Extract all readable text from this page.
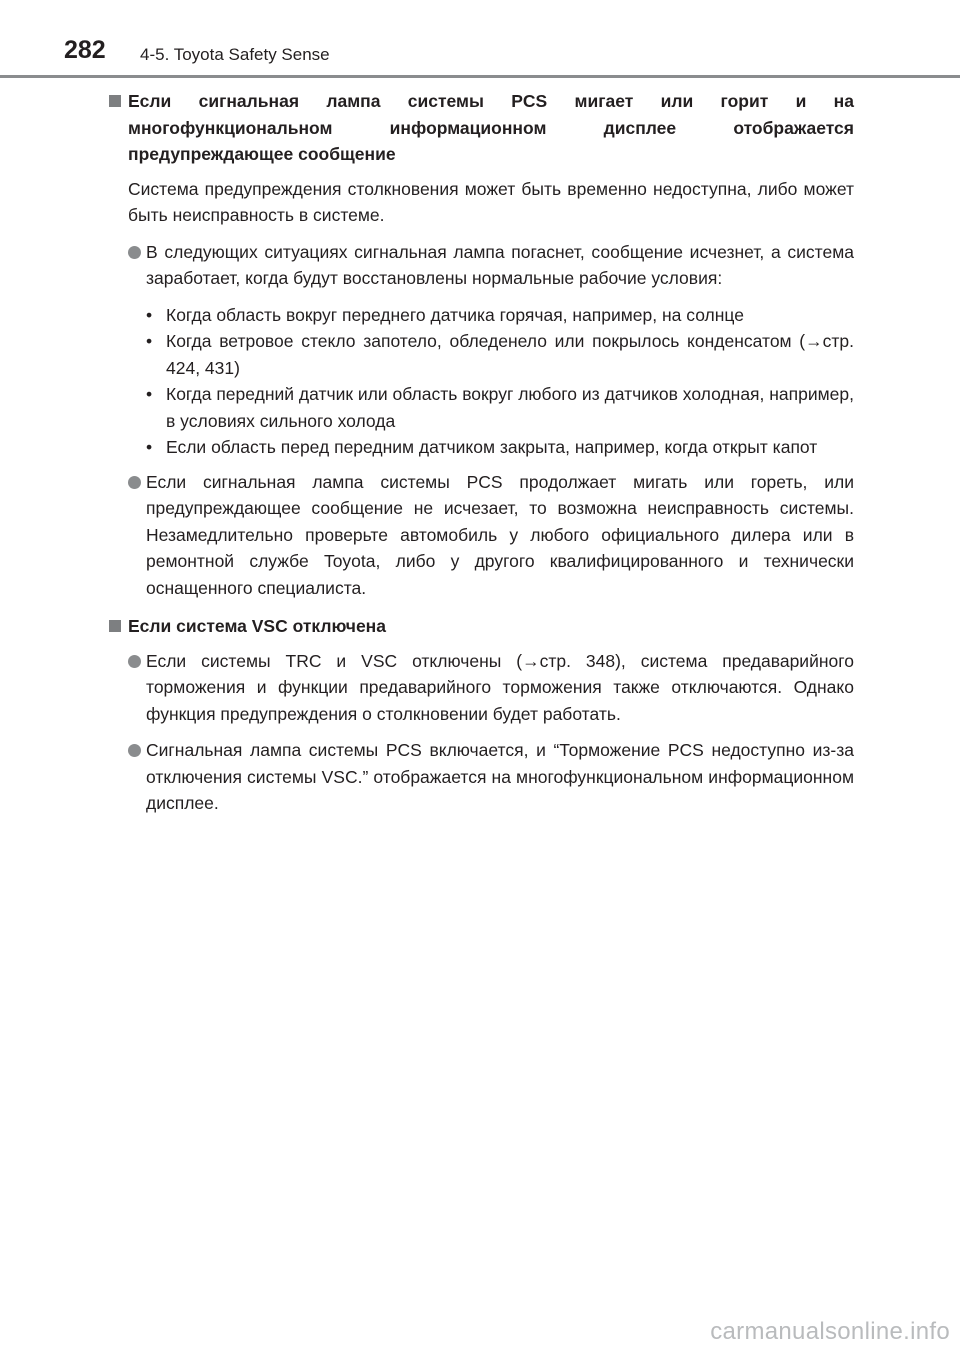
282 4-5. Toyota Safety Sense
Если сигнальная лампа системы PCS мигает или горит и на многофункциональном информационном дисплее отображается предупреждающее сообщение

Система предупреждения столкновения может быть временно недоступна, либо может быть неисправность в системе.

В следующих ситуациях сигнальная лампа погаснет, сообщение исчезнет, а система заработает, когда будут восстановлены нормальные рабочие условия:
• Когда область вокруг переднего датчика горячая, например, на солнце
• Когда ветровое стекло запотело, обледенело или покрылось конденсатом (→стр. 424, 431)
• Когда передний датчик или область вокруг любого из датчиков холодная, например, в условиях сильного холода
• Если область перед передним датчиком закрыта, например, когда открыт капот
Если сигнальная лампа системы PCS продолжает мигать или гореть, или предупреждающее сообщение не исчезает, то возможна неисправность системы. Незамедлительно проверьте автомобиль у любого официального дилера или в ремонтной службе Toyota, либо у другого квалифицированного и технически оснащенного специалиста.
Если система VSC отключена
Если системы TRC и VSC отключены (→стр. 348), система предаварийного торможения и функции предаварийного торможения также отключаются. Однако функция предупреждения о столкновении будет работать.
Сигнальная лампа системы PCS включается, и “Торможение PCS недоступно из-за отключения системы VSC.” отображается на многофункциональном информационном дисплее.
carmanualsonline.info
